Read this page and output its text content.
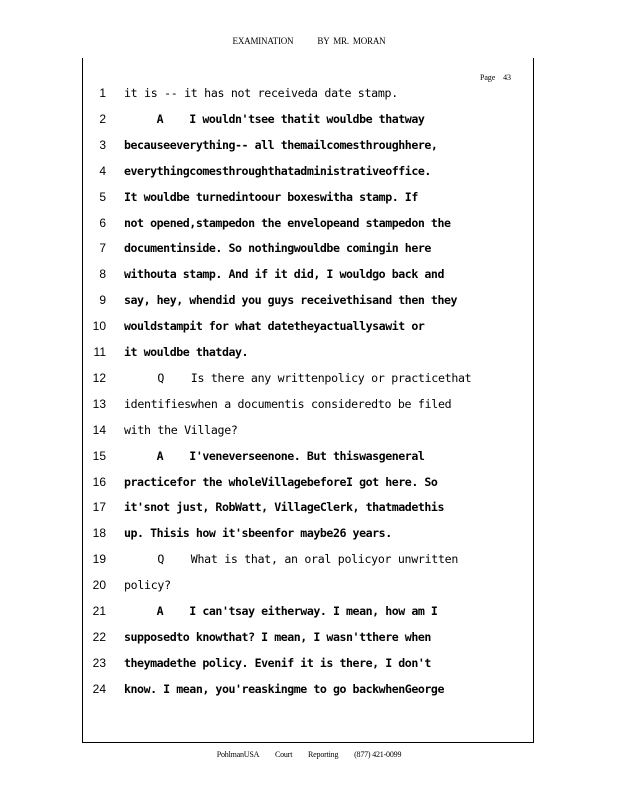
EXAMINATION	BY MR. MORAN
Page 43
1 it is -- it has not receiveda date stamp.
2 A    I wouldn'tsee thatit wouldbe thatway
3 becauseeverything-- all themailcomesthroughhere,
4 everythingcomesthroughthatadministrativeoffice.
5 It wouldbe turnedintoour boxeswitha stamp. If
6 not opened,stampedon the envelopeand stampedon the
7 documentinside. So nothingwouldbe comingin here
8 withouta stamp. And if it did, I wouldgo back and
9 say, hey, whendid you guys receivethisand then they
10 wouldstampit for what datetheyactuallysawit or
11 it wouldbe thatday.
12 Q    Is there any writtenpolicy or practicethat
13 identifieswhen a documentis consideredto be filed
14 with the Village?
15 A    I'veneverseenone. But thiswasgeneral
16 practicefor the wholeVillagebeforeI got here. So
17 it'snot just, RobWatt, VillageClerk, thatmadethis
18 up. Thisis how it'sbeenfor maybe26 years.
19 Q    What is that, an oral policyor unwritten
20 policy?
21 A    I can'tsay eitherway. I mean, how am I
22 supposedto knowthat? I mean, I wasn'tthere when
23 theymadethe policy. Evenif it is there, I don't
24 know. I mean, you'reaskingme to go backwhenGeorge
PohlmanUSA Court Reporting (877) 421-0099
